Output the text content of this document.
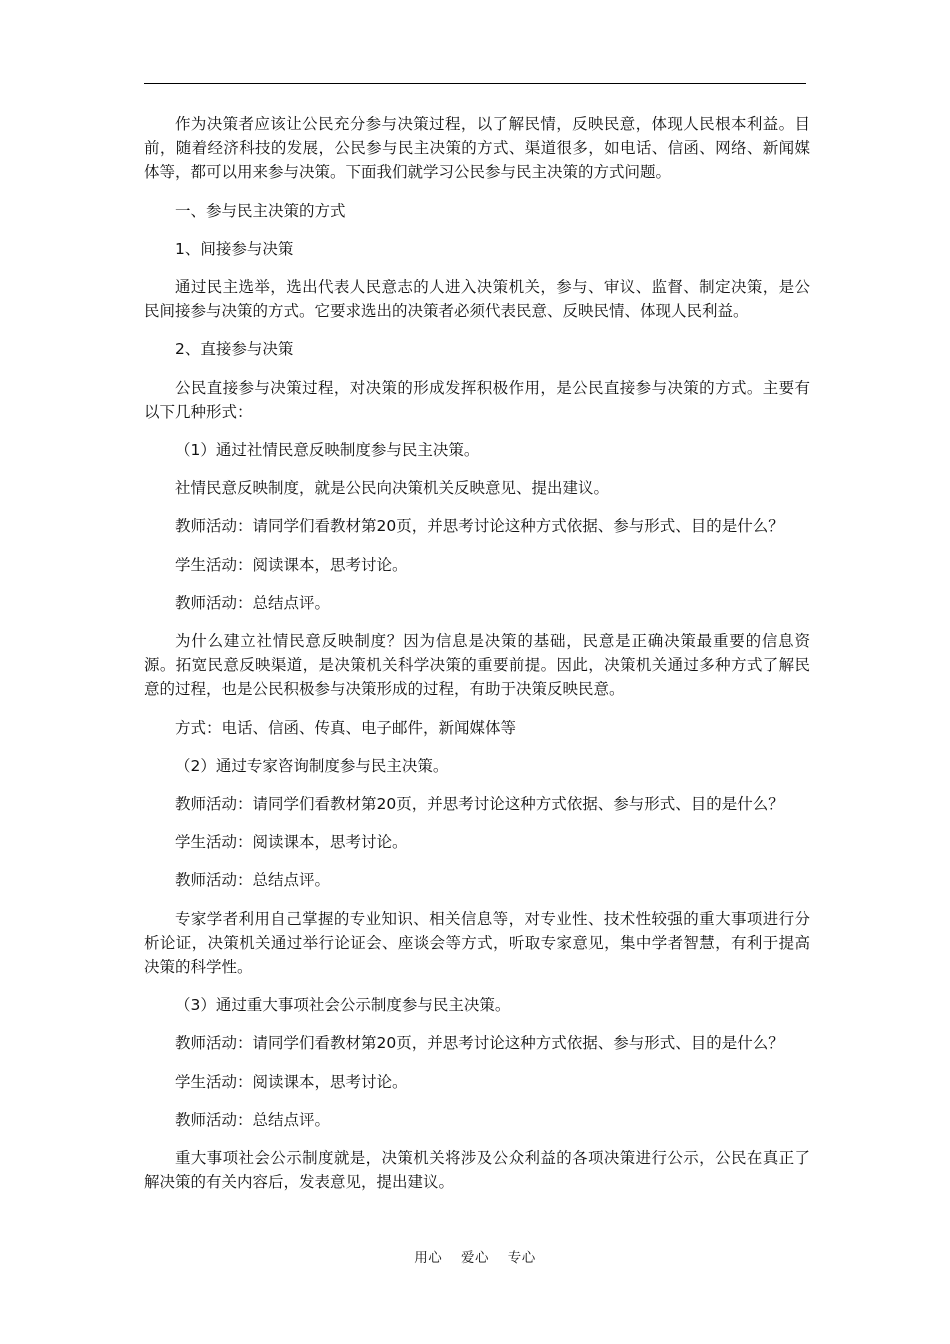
作为决策者应该让公民充分参与决策过程，以了解民情，反映民意，体现人民根本利益。目前，随着经济科技的发展，公民参与民主决策的方式、渠道很多，如电话、信函、网络、新闻媒体等，都可以用来参与决策。下面我们就学习公民参与民主决策的方式问题。

一、参与民主决策的方式

1、间接参与决策

通过民主选举，选出代表人民意志的人进入决策机关，参与、审议、监督、制定决策，是公民间接参与决策的方式。它要求选出的决策者必须代表民意、反映民情、体现人民利益。

2、直接参与决策

公民直接参与决策过程，对决策的形成发挥积极作用，是公民直接参与决策的方式。主要有以下几种形式：

（1）通过社情民意反映制度参与民主决策。

社情民意反映制度，就是公民向决策机关反映意见、提出建议。

教师活动：请同学们看教材第20页，并思考讨论这种方式依据、参与形式、目的是什么？

学生活动：阅读课本，思考讨论。

教师活动：总结点评。

为什么建立社情民意反映制度？因为信息是决策的基础，民意是正确决策最重要的信息资源。拓宽民意反映渠道，是决策机关科学决策的重要前提。因此，决策机关通过多种方式了解民意的过程，也是公民积极参与决策形成的过程，有助于决策反映民意。

方式：电话、信函、传真、电子邮件，新闻媒体等

（2）通过专家咨询制度参与民主决策。

教师活动：请同学们看教材第20页，并思考讨论这种方式依据、参与形式、目的是什么？

学生活动：阅读课本，思考讨论。

教师活动：总结点评。

专家学者利用自己掌握的专业知识、相关信息等，对专业性、技术性较强的重大事项进行分析论证，决策机关通过举行论证会、座谈会等方式，听取专家意见，集中学者智慧，有利于提高决策的科学性。

（3）通过重大事项社会公示制度参与民主决策。

教师活动：请同学们看教材第20页，并思考讨论这种方式依据、参与形式、目的是什么？

学生活动：阅读课本，思考讨论。

教师活动：总结点评。

重大事项社会公示制度就是，决策机关将涉及公众利益的各项决策进行公示，公民在真正了解决策的有关内容后，发表意见，提出建议。

用心 爱心 专心
